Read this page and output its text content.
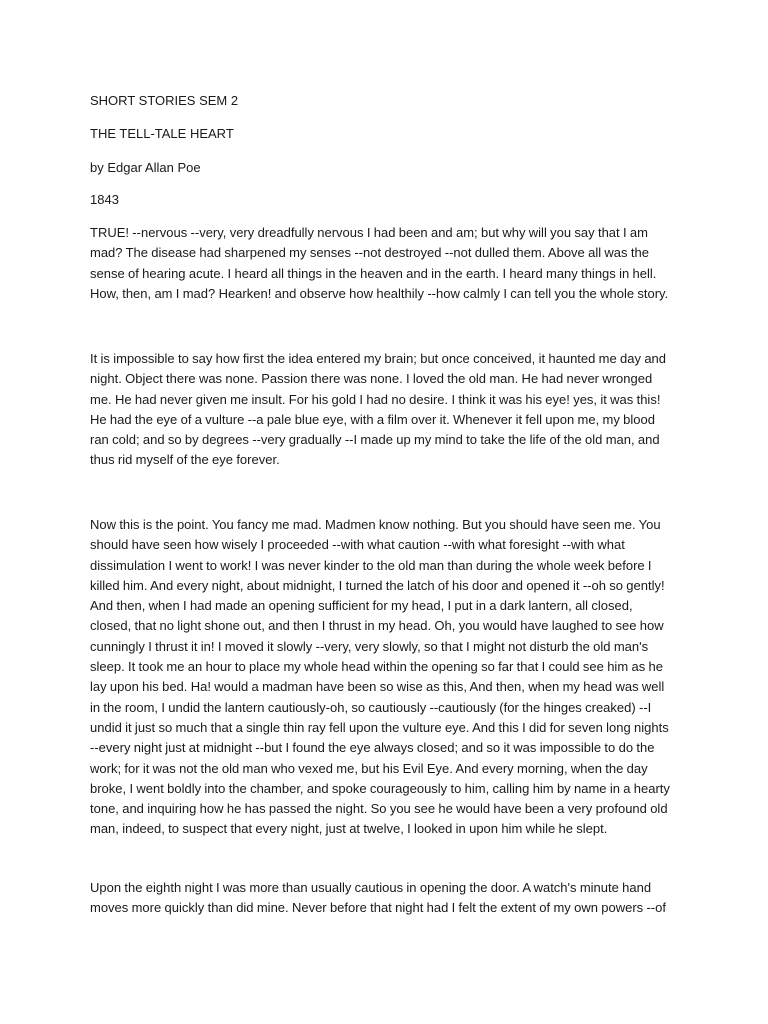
SHORT STORIES SEM 2

THE TELL-TALE HEART

by Edgar Allan Poe

1843

TRUE! --nervous --very, very dreadfully nervous I had been and am; but why will you say that I am mad? The disease had sharpened my senses --not destroyed --not dulled them. Above all was the sense of hearing acute. I heard all things in the heaven and in the earth. I heard many things in hell. How, then, am I mad? Hearken! and observe how healthily --how calmly I can tell you the whole story.

It is impossible to say how first the idea entered my brain; but once conceived, it haunted me day and night. Object there was none. Passion there was none. I loved the old man. He had never wronged me. He had never given me insult. For his gold I had no desire. I think it was his eye! yes, it was this! He had the eye of a vulture --a pale blue eye, with a film over it. Whenever it fell upon me, my blood ran cold; and so by degrees --very gradually --I made up my mind to take the life of the old man, and thus rid myself of the eye forever.

Now this is the point. You fancy me mad. Madmen know nothing. But you should have seen me. You should have seen how wisely I proceeded --with what caution --with what foresight --with what dissimulation I went to work! I was never kinder to the old man than during the whole week before I killed him. And every night, about midnight, I turned the latch of his door and opened it --oh so gently! And then, when I had made an opening sufficient for my head, I put in a dark lantern, all closed, closed, that no light shone out, and then I thrust in my head. Oh, you would have laughed to see how cunningly I thrust it in! I moved it slowly --very, very slowly, so that I might not disturb the old man's sleep. It took me an hour to place my whole head within the opening so far that I could see him as he lay upon his bed. Ha! would a madman have been so wise as this, And then, when my head was well in the room, I undid the lantern cautiously-oh, so cautiously --cautiously (for the hinges creaked) --I undid it just so much that a single thin ray fell upon the vulture eye. And this I did for seven long nights --every night just at midnight --but I found the eye always closed; and so it was impossible to do the work; for it was not the old man who vexed me, but his Evil Eye. And every morning, when the day broke, I went boldly into the chamber, and spoke courageously to him, calling him by name in a hearty tone, and inquiring how he has passed the night. So you see he would have been a very profound old man, indeed, to suspect that every night, just at twelve, I looked in upon him while he slept.

Upon the eighth night I was more than usually cautious in opening the door. A watch's minute hand moves more quickly than did mine. Never before that night had I felt the extent of my own powers --of
